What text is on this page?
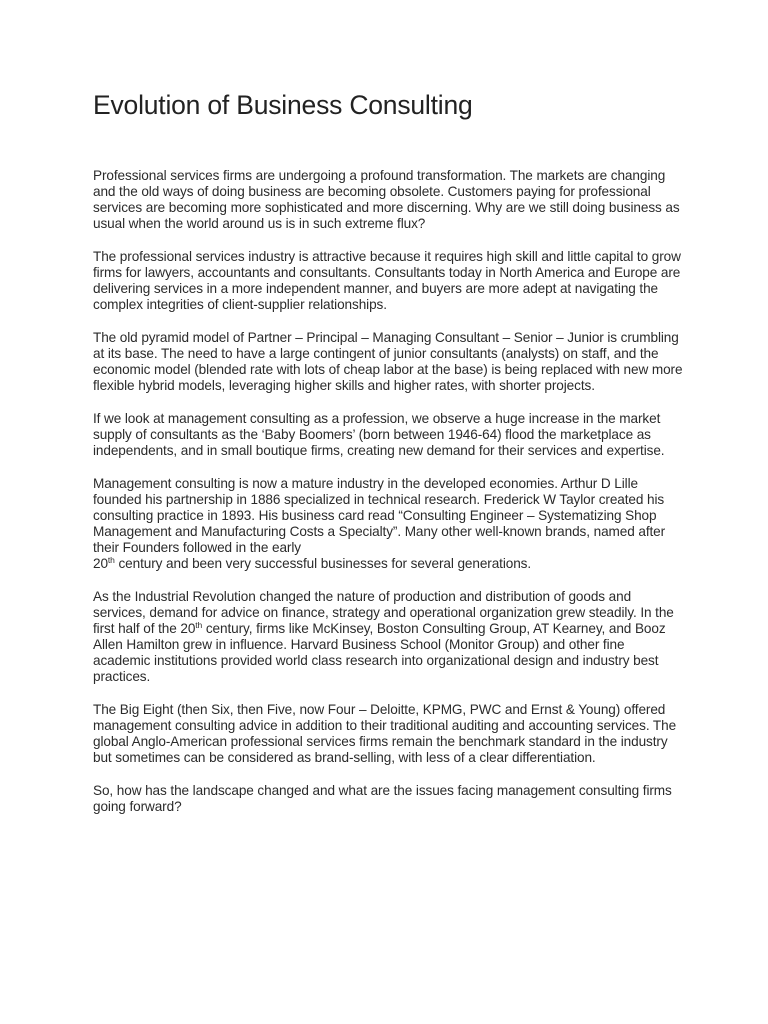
Evolution of Business Consulting

Professional services firms are undergoing a profound transformation. The markets are changing and the old ways of doing business are becoming obsolete. Customers paying for professional services are becoming more sophisticated and more discerning. Why are we still doing business as usual when the world around us is in such extreme flux?

The professional services industry is attractive because it requires high skill and little capital to grow firms for lawyers, accountants and consultants. Consultants today in North America and Europe are delivering services in a more independent manner, and buyers are more adept at navigating the complex integrities of client-supplier relationships.

The old pyramid model of Partner – Principal – Managing Consultant – Senior – Junior is crumbling at its base. The need to have a large contingent of junior consultants (analysts) on staff, and the economic model (blended rate with lots of cheap labor at the base) is being replaced with new more flexible hybrid models, leveraging higher skills and higher rates, with shorter projects.

If we look at management consulting as a profession, we observe a huge increase in the market supply of consultants as the ‘Baby Boomers’ (born between 1946-64) flood the marketplace as independents, and in small boutique firms, creating new demand for their services and expertise.

Management consulting is now a mature industry in the developed economies. Arthur D Lille founded his partnership in 1886 specialized in technical research. Frederick W Taylor created his consulting practice in 1893. His business card read “Consulting Engineer – Systematizing Shop Management and Manufacturing Costs a Specialty”. Many other well-known brands, named after their Founders followed in the early
20th century and been very successful businesses for several generations.

As the Industrial Revolution changed the nature of production and distribution of goods and services, demand for advice on finance, strategy and operational organization grew steadily. In the first half of the 20th century, firms like McKinsey, Boston Consulting Group, AT Kearney, and Booz Allen Hamilton grew in influence. Harvard Business School (Monitor Group) and other fine academic institutions provided world class research into organizational design and industry best practices.

The Big Eight (then Six, then Five, now Four – Deloitte, KPMG, PWC and Ernst & Young) offered management consulting advice in addition to their traditional auditing and accounting services. The global Anglo-American professional services firms remain the benchmark standard in the industry but sometimes can be considered as brand-selling, with less of a clear differentiation.

So, how has the landscape changed and what are the issues facing management consulting firms going forward?
